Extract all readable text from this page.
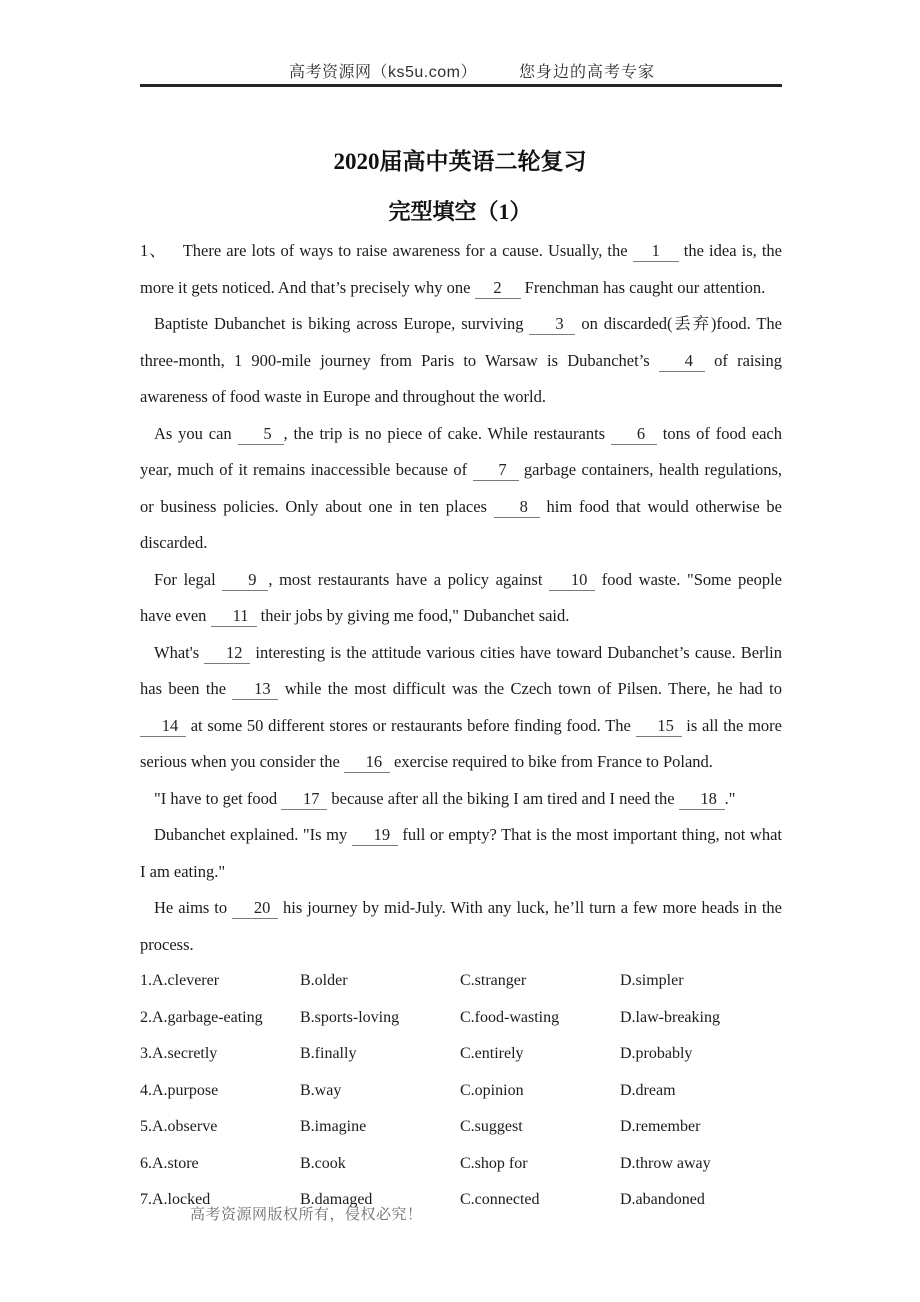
高考资源网（ks5u.com）	您身边的高考专家
2020届高中英语二轮复习
完型填空（1）

1、 There are lots of ways to raise awareness for a cause. Usually, the 1 the idea is, the more it gets noticed. And that’s precisely why one 2 Frenchman has caught our attention.

Baptiste Dubanchet is biking across Europe, surviving 3 on discarded(丢弃)food. The three-month, 1 900-mile journey from Paris to Warsaw is Dubanchet’s 4 of raising awareness of food waste in Europe and throughout the world.

As you can 5 , the trip is no piece of cake. While restaurants 6 tons of food each year, much of it remains inaccessible because of 7 garbage containers, health regulations, or business policies. Only about one in ten places 8 him food that would otherwise be discarded.

For legal 9 , most restaurants have a policy against 10 food waste. "Some people have even 11 their jobs by giving me food," Dubanchet said.

What's 12 interesting is the attitude various cities have toward Dubanchet’s cause. Berlin has been the 13 while the most difficult was the Czech town of Pilsen. There, he had to 14 at some 50 different stores or restaurants before finding food. The 15 is all the more serious when you consider the 16 exercise required to bike from France to Poland.

"I have to get food 17 because after all the biking I am tired and I need the 18 ."

Dubanchet explained. "Is my 19 full or empty? That is the most important thing, not what I am eating."

He aims to 20 his journey by mid-July. With any luck, he’ll turn a few more heads in the process.

1.A.cleverer	B.older	C.stranger	D.simpler
2.A.garbage-eating	B.sports-loving	C.food-wasting	D.law-breaking
3.A.secretly	B.finally	C.entirely	D.probably
4.A.purpose	B.way	C.opinion	D.dream
5.A.observe	B.imagine	C.suggest	D.remember
6.A.store	B.cook	C.shop for	D.throw away
7.A.locked	B.damaged	C.connected	D.abandoned
高考资源网版权所有，侵权必究！
